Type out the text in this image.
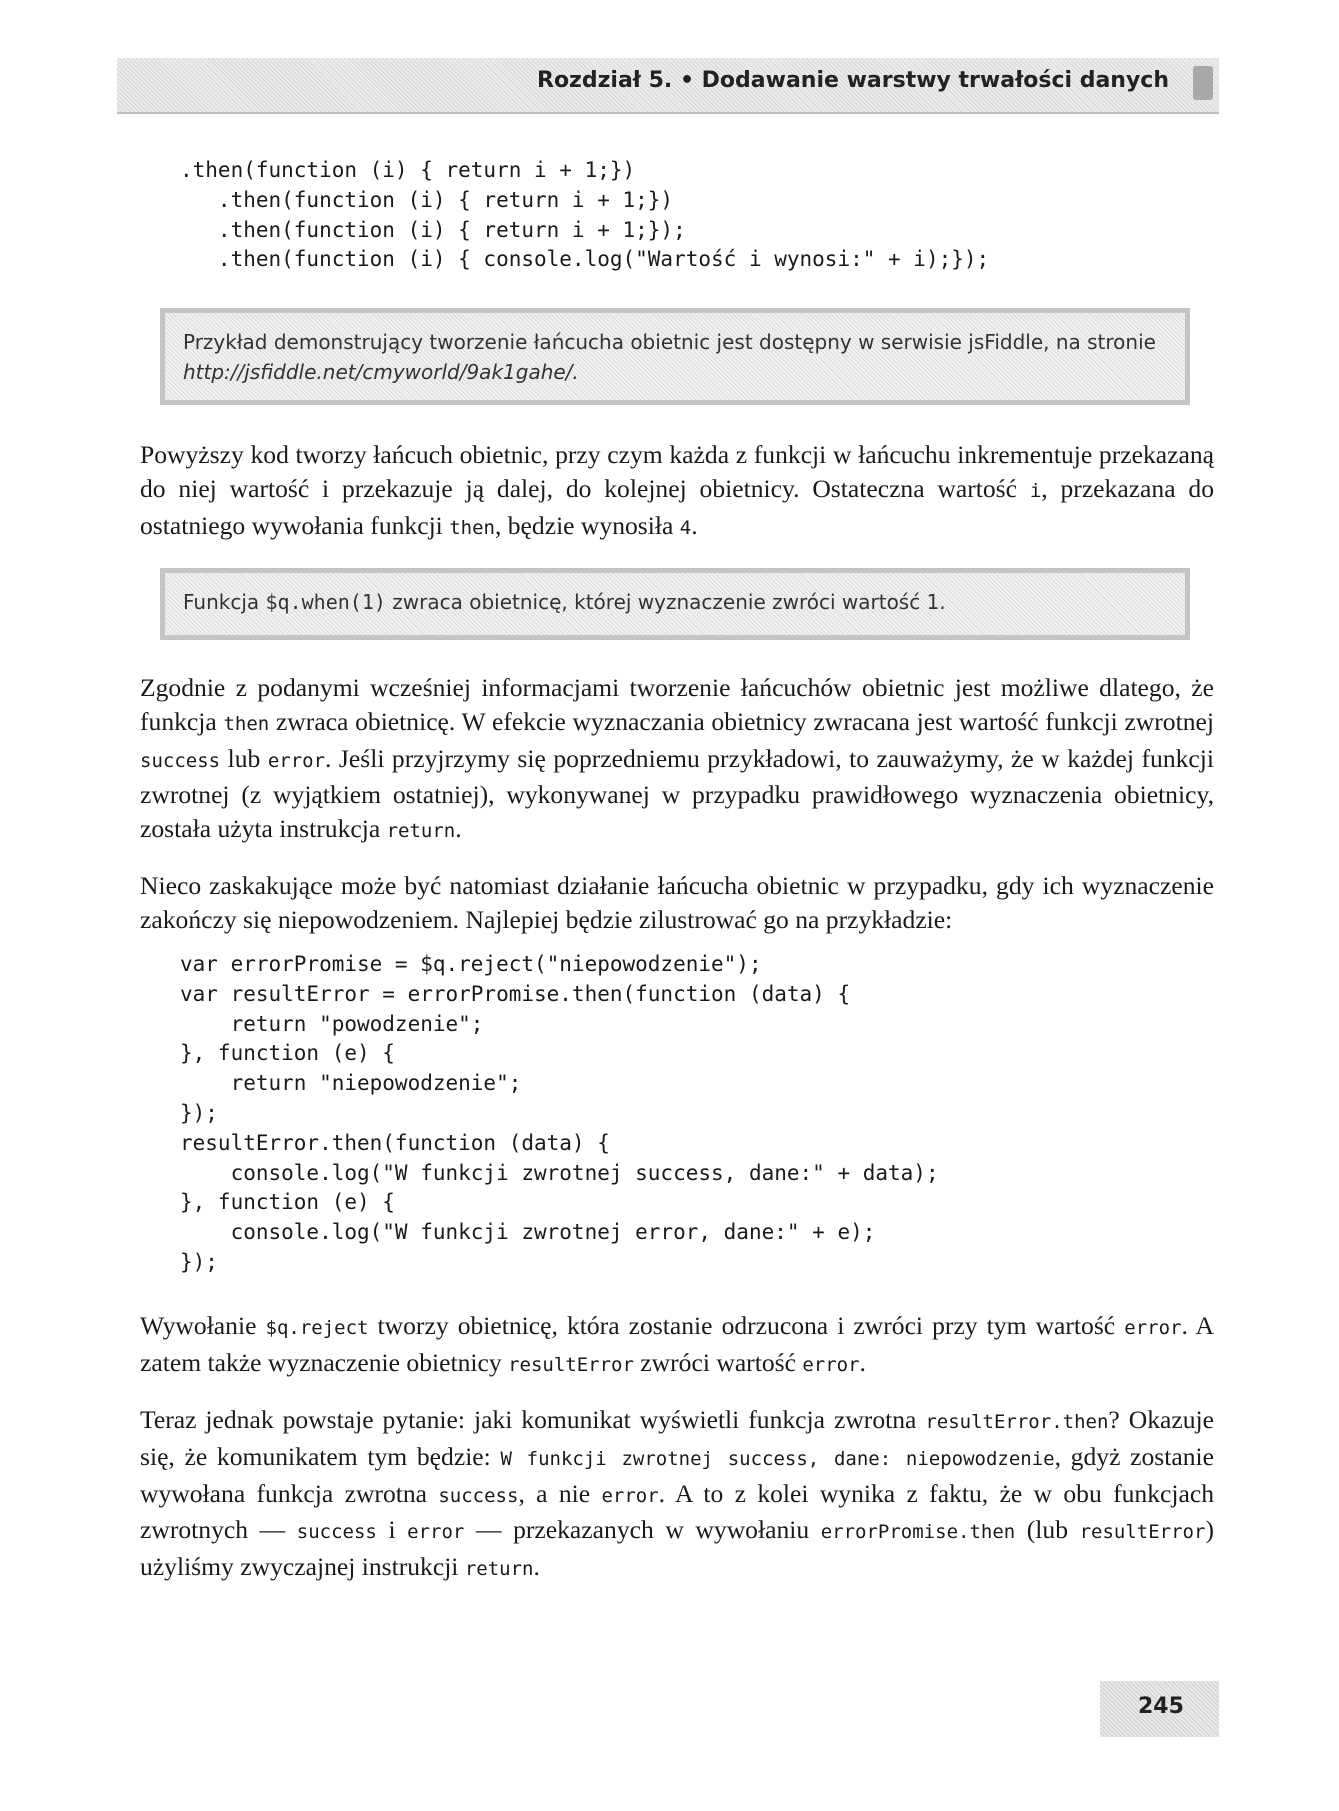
Rozdział 5. • Dodawanie warstwy trwałości danych
.then(function (i) { return i + 1;})
.then(function (i) { return i + 1;})
.then(function (i) { return i + 1;});
.then(function (i) { console.log("Wartość i wynosi:" + i);});
Przykład demonstrujący tworzenie łańcucha obietnic jest dostępny w serwisie jsFiddle, na stronie
http://jsfiddle.net/cmyworld/9ak1gahe/.

Powyższy kod tworzy łańcuch obietnic, przy czym każda z funkcji w łańcuchu inkrementuje przekazaną do niej wartość i przekazuje ją dalej, do kolejnej obietnicy. Ostateczna wartość i, przekazana do ostatniego wywołania funkcji then, będzie wynosiła 4.

Funkcja $q.when(1) zwraca obietnicę, której wyznaczenie zwróci wartość 1.

Zgodnie z podanymi wcześniej informacjami tworzenie łańcuchów obietnic jest możliwe dlatego, że funkcja then zwraca obietnicę. W efekcie wyznaczania obietnicy zwracana jest wartość funkcji zwrotnej success lub error. Jeśli przyjrzymy się poprzedniemu przykładowi, to zauważymy, że w każdej funkcji zwrotnej (z wyjątkiem ostatniej), wykonywanej w przypadku prawidłowego wyznaczenia obietnicy, została użyta instrukcja return.

Nieco zaskakujące może być natomiast działanie łańcucha obietnic w przypadku, gdy ich wyznaczenie zakończy się niepowodzeniem. Najlepiej będzie zilustrować go na przykładzie:

var errorPromise = $q.reject("niepowodzenie");
var resultError = errorPromise.then(function (data) {
return "powodzenie";
}, function (e) {
return "niepowodzenie";
});
resultError.then(function (data) {
console.log("W funkcji zwrotnej success, dane:" + data);
}, function (e) {
console.log("W funkcji zwrotnej error, dane:" + e);
});

Wywołanie $q.reject tworzy obietnicę, która zostanie odrzucona i zwróci przy tym wartość error. A zatem także wyznaczenie obietnicy resultError zwróci wartość error.

Teraz jednak powstaje pytanie: jaki komunikat wyświetli funkcja zwrotna resultError.then? Okazuje się, że komunikatem tym będzie: W funkcji zwrotnej success, dane: niepowodzenie, gdyż zostanie wywołana funkcja zwrotna success, a nie error. A to z kolei wynika z faktu, że w obu funkcjach zwrotnych — success i error — przekazanych w wywołaniu errorPromise.then (lub resultError) użyliśmy zwyczajnej instrukcji return.

245
